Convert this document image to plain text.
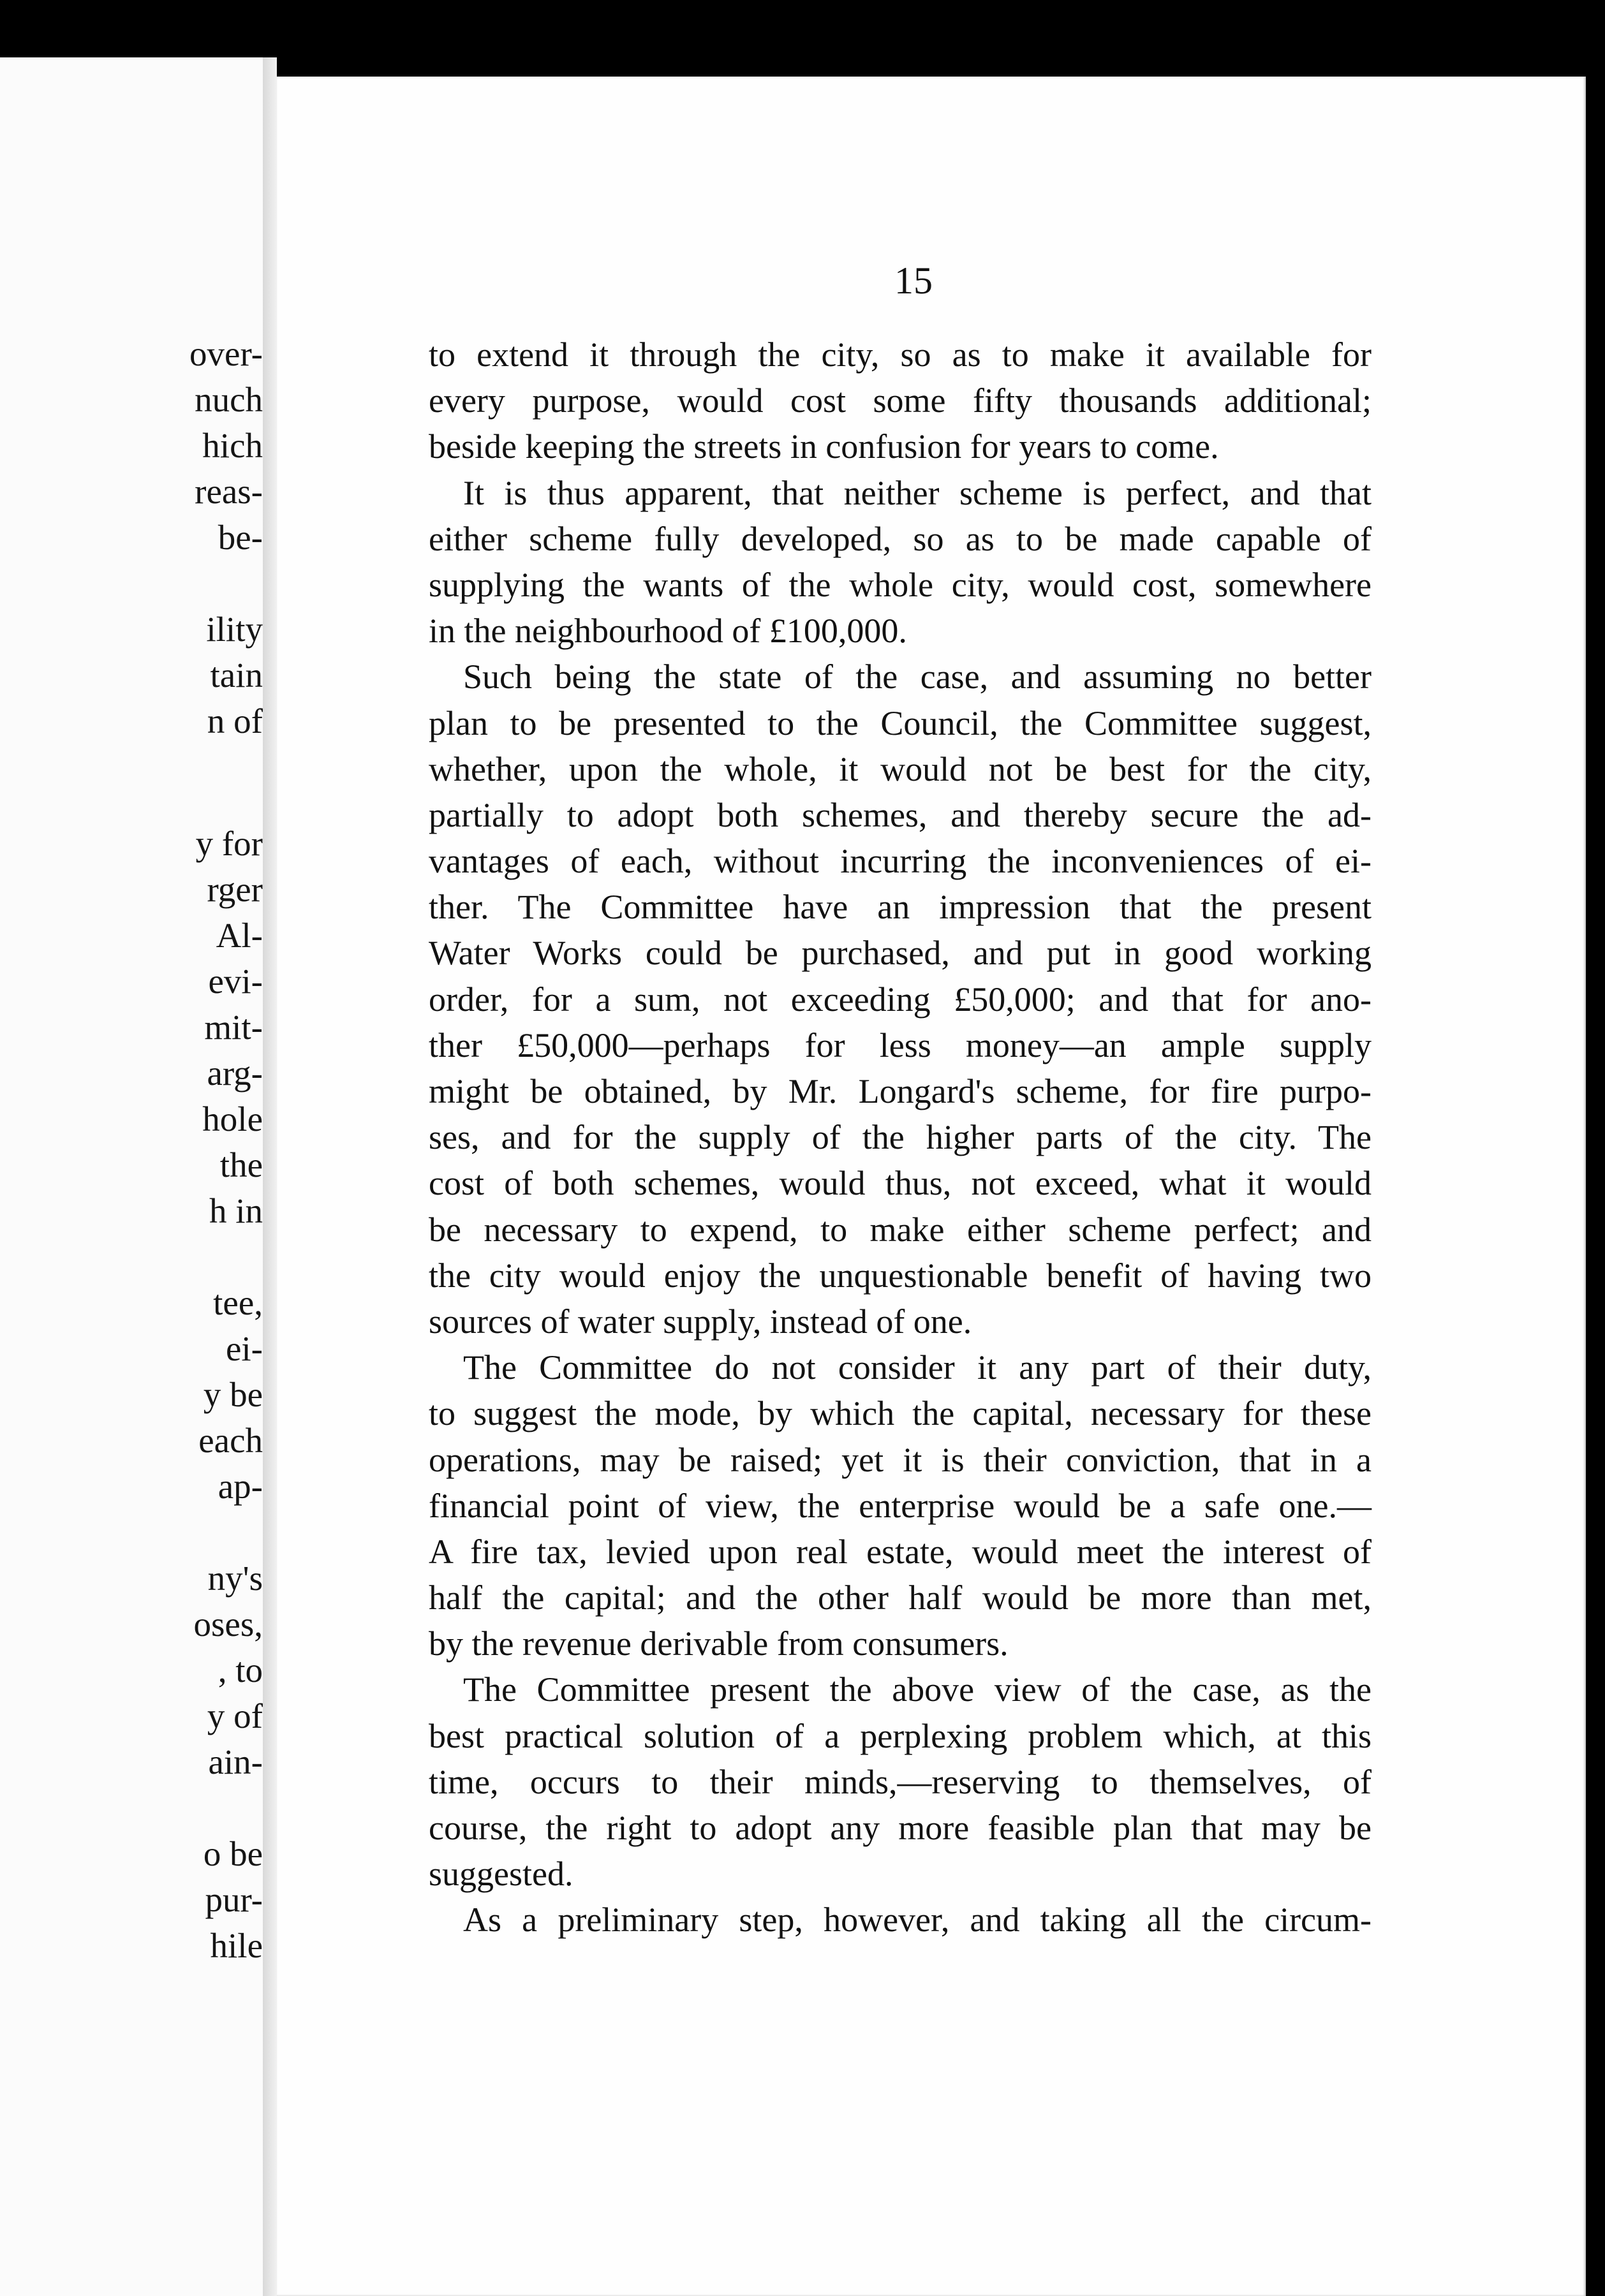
over-

nuch

hich

reas-

be-

ility

tain

n of

y for

rger

Al-

evi-

mit-

arg-

hole

the

h in

tee,

ei-

y be

each

ap-

ny's

oses,

, to

y of

ain-

o be

pur-

hile

15

to extend it through the city, so as to make it available for

every purpose, would cost some fifty thousands additional;

beside keeping the streets in confusion for years to come.

It is thus apparent, that neither scheme is perfect, and that

either scheme fully developed, so as to be made capable of

supplying the wants of the whole city, would cost, somewhere

in the neighbourhood of £100,000.

Such being the state of the case, and assuming no better

plan to be presented to the Council, the Committee suggest,

whether, upon the whole, it would not be best for the city,

partially to adopt both schemes, and thereby secure the ad-

vantages of each, without incurring the inconveniences of ei-

ther. The Committee have an impression that the present

Water Works could be purchased, and put in good working

order, for a sum, not exceeding £50,000; and that for ano-

ther £50,000—perhaps for less money—an ample supply

might be obtained, by Mr. Longard's scheme, for fire purpo-

ses, and for the supply of the higher parts of the city. The

cost of both schemes, would thus, not exceed, what it would

be necessary to expend, to make either scheme perfect; and

the city would enjoy the unquestionable benefit of having two

sources of water supply, instead of one.

The Committee do not consider it any part of their duty,

to suggest the mode, by which the capital, necessary for these

operations, may be raised; yet it is their conviction, that in a

financial point of view, the enterprise would be a safe one.—

A fire tax, levied upon real estate, would meet the interest of

half the capital; and the other half would be more than met,

by the revenue derivable from consumers.

The Committee present the above view of the case, as the

best practical solution of a perplexing problem which, at this

time, occurs to their minds,—reserving to themselves, of

course, the right to adopt any more feasible plan that may be

suggested.

As a preliminary step, however, and taking all the circum-
